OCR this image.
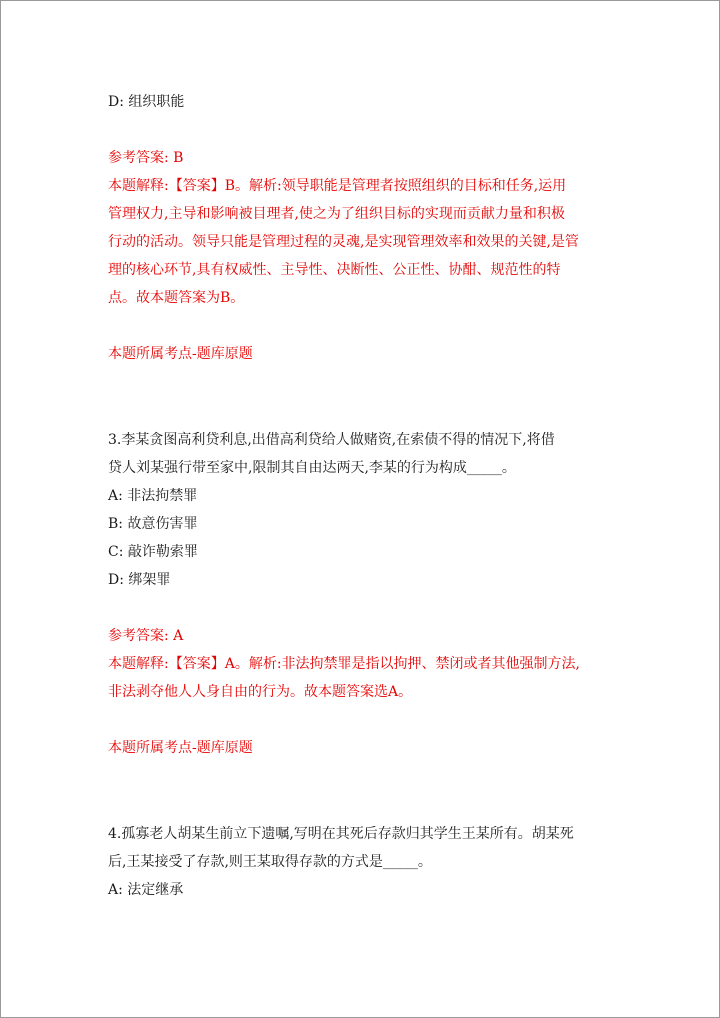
D: 组织职能
参考答案: B
本题解释:【答案】B。解析:领导职能是管理者按照组织的目标和任务,运用
管理权力,主导和影响被目理者,使之为了组织目标的实现而贡献力量和积极
行动的活动。领导只能是管理过程的灵魂,是实现管理效率和效果的关键,是管
理的核心环节,具有权威性、主导性、决断性、公正性、协酣、规范性的特
点。故本题答案为B。
本题所属考点-题库原题
3.李某贪图高利贷利息,出借高利贷给人做赌资,在索债不得的情况下,将借
贷人刘某强行带至家中,限制其自由达两天,李某的行为构成_____。
A: 非法拘禁罪
B: 故意伤害罪
C: 敲诈勒索罪
D: 绑架罪
参考答案: A
本题解释:【答案】A。解析:非法拘禁罪是指以拘押、禁闭或者其他强制方法,
非法剥夺他人人身自由的行为。故本题答案选A。
本题所属考点-题库原题
4.孤寡老人胡某生前立下遗嘱,写明在其死后存款归其学生王某所有。胡某死
后,王某接受了存款,则王某取得存款的方式是_____。
A: 法定继承
